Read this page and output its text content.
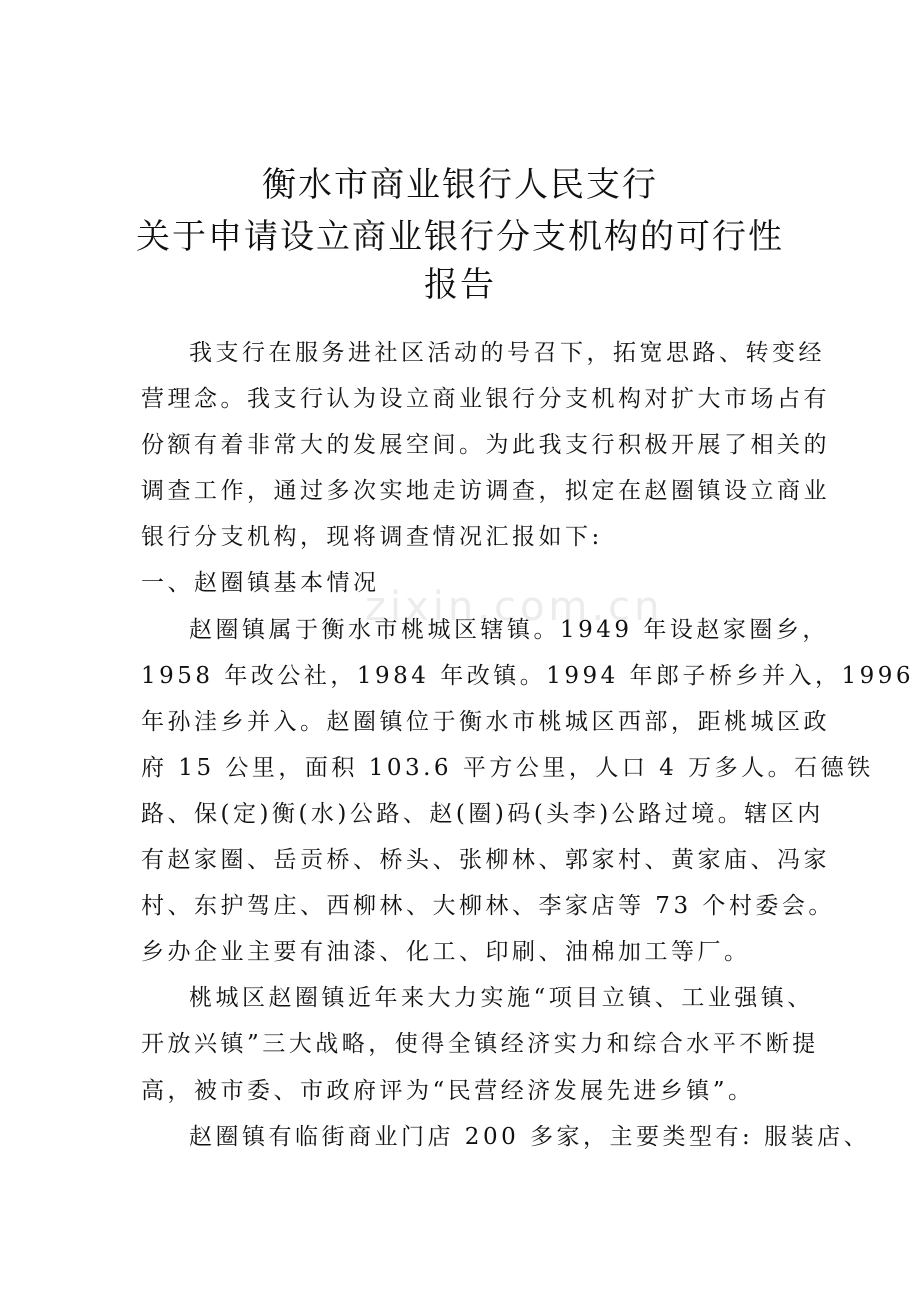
zixin.com.cn
衡水市商业银行人民支行
关于申请设立商业银行分支机构的可行性
报告
我支行在服务进社区活动的号召下，拓宽思路、转变经
营理念。我支行认为设立商业银行分支机构对扩大市场占有
份额有着非常大的发展空间。为此我支行积极开展了相关的
调查工作，通过多次实地走访调查，拟定在赵圈镇设立商业
银行分支机构，现将调查情况汇报如下:
一、赵圈镇基本情况
赵圈镇属于衡水市桃城区辖镇。1949 年设赵家圈乡，
1958 年改公社，1984 年改镇。1994 年郎子桥乡并入，1996
年孙洼乡并入。赵圈镇位于衡水市桃城区西部，距桃城区政
府 15 公里，面积 103.6 平方公里，人口 4 万多人。石德铁
路、保(定)衡(水)公路、赵(圈)码(头李)公路过境。辖区内
有赵家圈、岳贡桥、桥头、张柳林、郭家村、黄家庙、冯家
村、东护驾庄、西柳林、大柳林、李家店等 73 个村委会。
乡办企业主要有油漆、化工、印刷、油棉加工等厂。
桃城区赵圈镇近年来大力实施“项目立镇、工业强镇、
开放兴镇”三大战略，使得全镇经济实力和综合水平不断提
高，被市委、市政府评为“民营经济发展先进乡镇”。
赵圈镇有临街商业门店 200 多家，主要类型有: 服装店、
